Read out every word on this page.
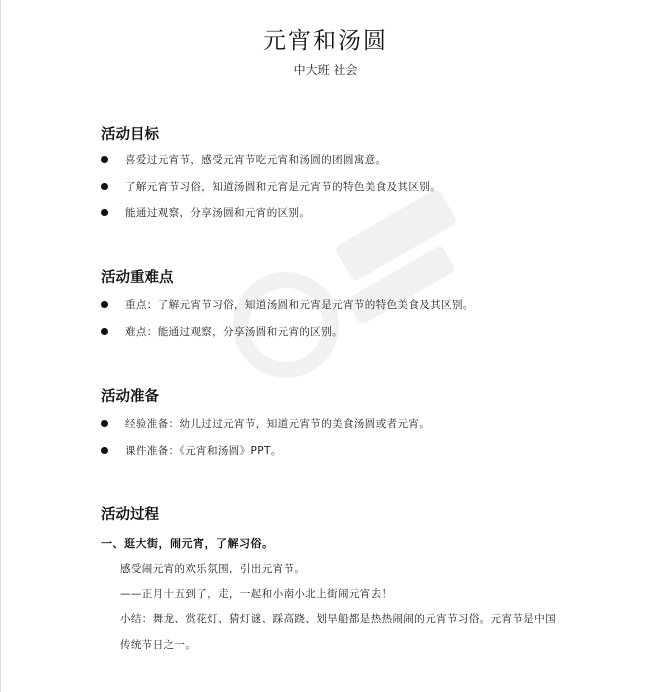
元宵和汤圆
中大班 社会
活动目标
喜爱过元宵节，感受元宵节吃元宵和汤圆的团圆寓意。
了解元宵节习俗，知道汤圆和元宵是元宵节的特色美食及其区别。
能通过观察，分享汤圆和元宵的区别。
活动重难点
重点：了解元宵节习俗，知道汤圆和元宵是元宵节的特色美食及其区别。
难点：能通过观察，分享汤圆和元宵的区别。
活动准备
经验准备：幼儿过过元宵节，知道元宵节的美食汤圆或者元宵。
课件准备：《元宵和汤圆》PPT。
活动过程
一、逛大街，闹元宵，了解习俗。
感受闹元宵的欢乐氛围，引出元宵节。
——正月十五到了，走，一起和小南小北上街闹元宵去！
小结：舞龙、赏花灯、猜灯谜、踩高跷、划旱船都是热热闹闹的元宵节习俗。元宵节是中国
传统节日之一。
